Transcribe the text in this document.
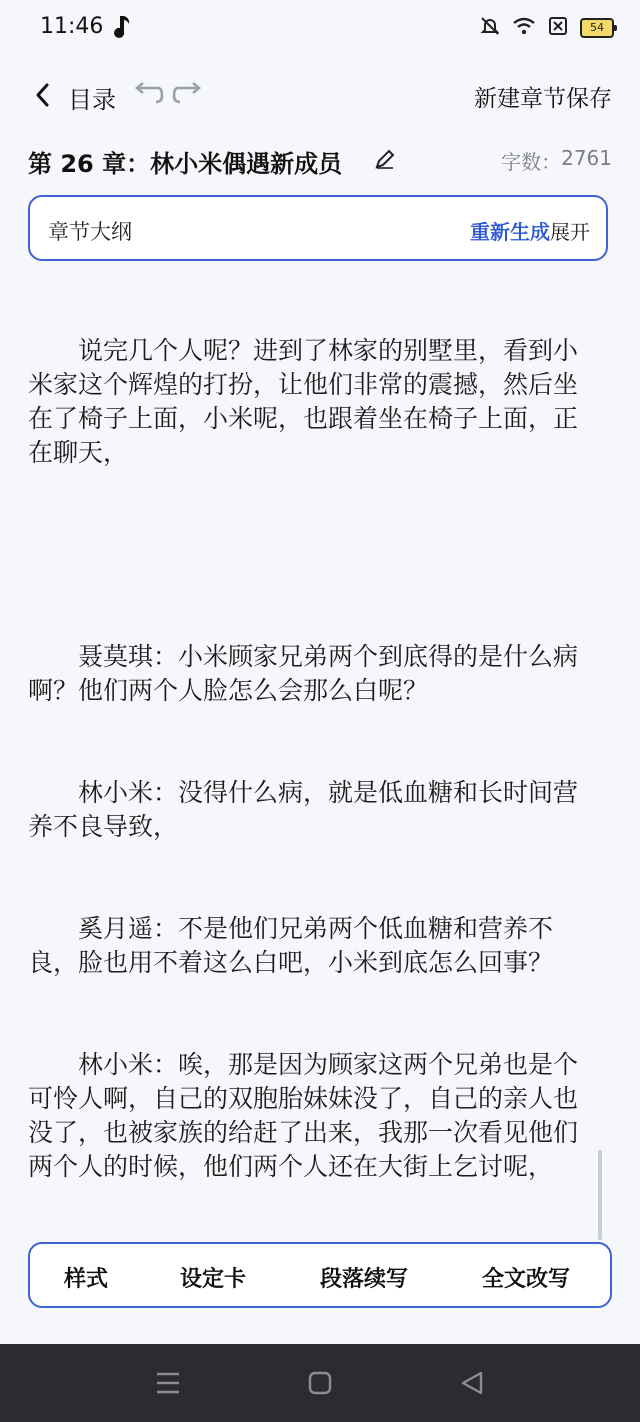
11:46	54
目录	新建章节 保存
第 26 章：林小米偶遇新成员	字数： 2761
章节大纲	重新生成 展开

　　说完几个人呢？进到了林家的别墅里，看到小米家这个辉煌的打扮，让他们非常的震撼，然后坐在了椅子上面，小米呢，也跟着坐在椅子上面，正在聊天，

　　聂莫琪：小米顾家兄弟两个到底得的是什么病啊？他们两个人脸怎么会那么白呢？

　　林小米：没得什么病，就是低血糖和长时间营养不良导致，

　　奚月遥：不是他们兄弟两个低血糖和营养不良，脸也用不着这么白吧，小米到底怎么回事？

　　林小米：唉，那是因为顾家这两个兄弟也是个可怜人啊，自己的双胞胎妹妹没了，自己的亲人也没了，也被家族的给赶了出来，我那一次看见他们两个人的时候，他们两个人还在大街上乞讨呢，

样式	设定卡	段落续写	全文改写
